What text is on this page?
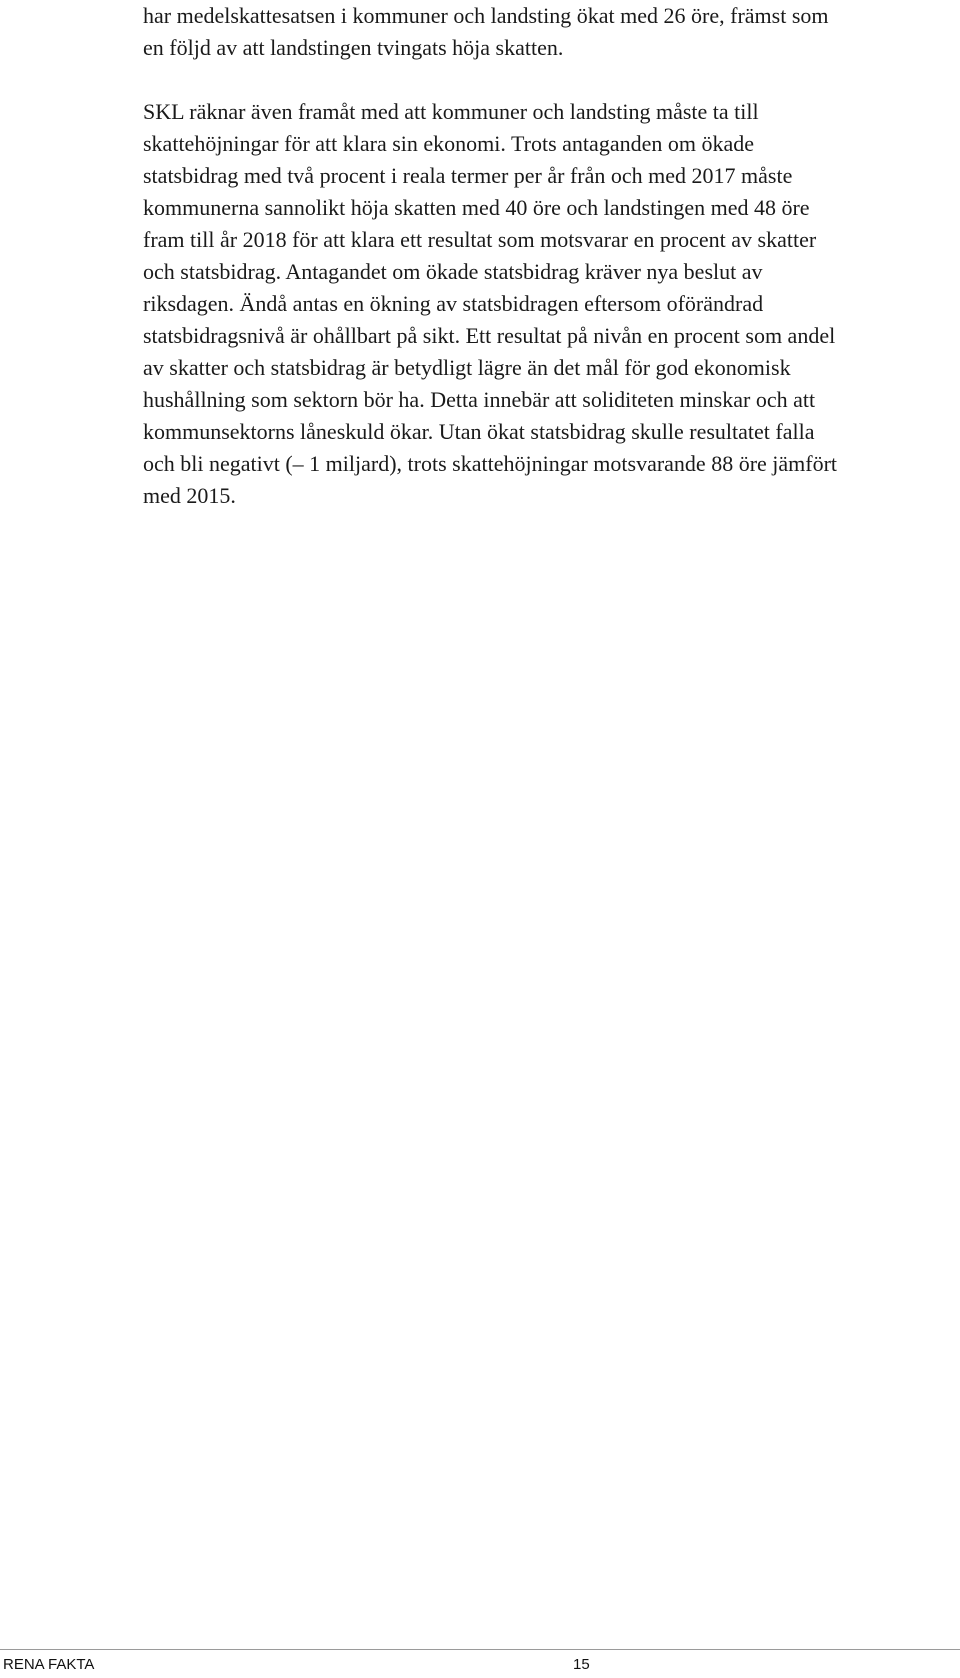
har medelskattesatsen i kommuner och landsting ökat med 26 öre, främst som
en följd av att landstingen tvingats höja skatten.

SKL räknar även framåt med att kommuner och landsting måste ta till
skattehöjningar för att klara sin ekonomi. Trots antaganden om ökade
statsbidrag med två procent i reala termer per år från och med 2017 måste
kommunerna sannolikt höja skatten med 40 öre och landstingen med 48 öre
fram till år 2018 för att klara ett resultat som motsvarar en procent av skatter
och statsbidrag. Antagandet om ökade statsbidrag kräver nya beslut av
riksdagen. Ändå antas en ökning av statsbidragen eftersom oförändrad
statsbidragsnivå är ohållbart på sikt. Ett resultat på nivån en procent som andel
av skatter och statsbidrag är betydligt lägre än det mål för god ekonomisk
hushållning som sektorn bör ha. Detta innebär att soliditeten minskar och att
kommunsektorns låneskuld ökar. Utan ökat statsbidrag skulle resultatet falla
och bli negativt (– 1 miljard), trots skattehöjningar motsvarande 88 öre jämfört
med 2015.

RENA FAKTA	15
